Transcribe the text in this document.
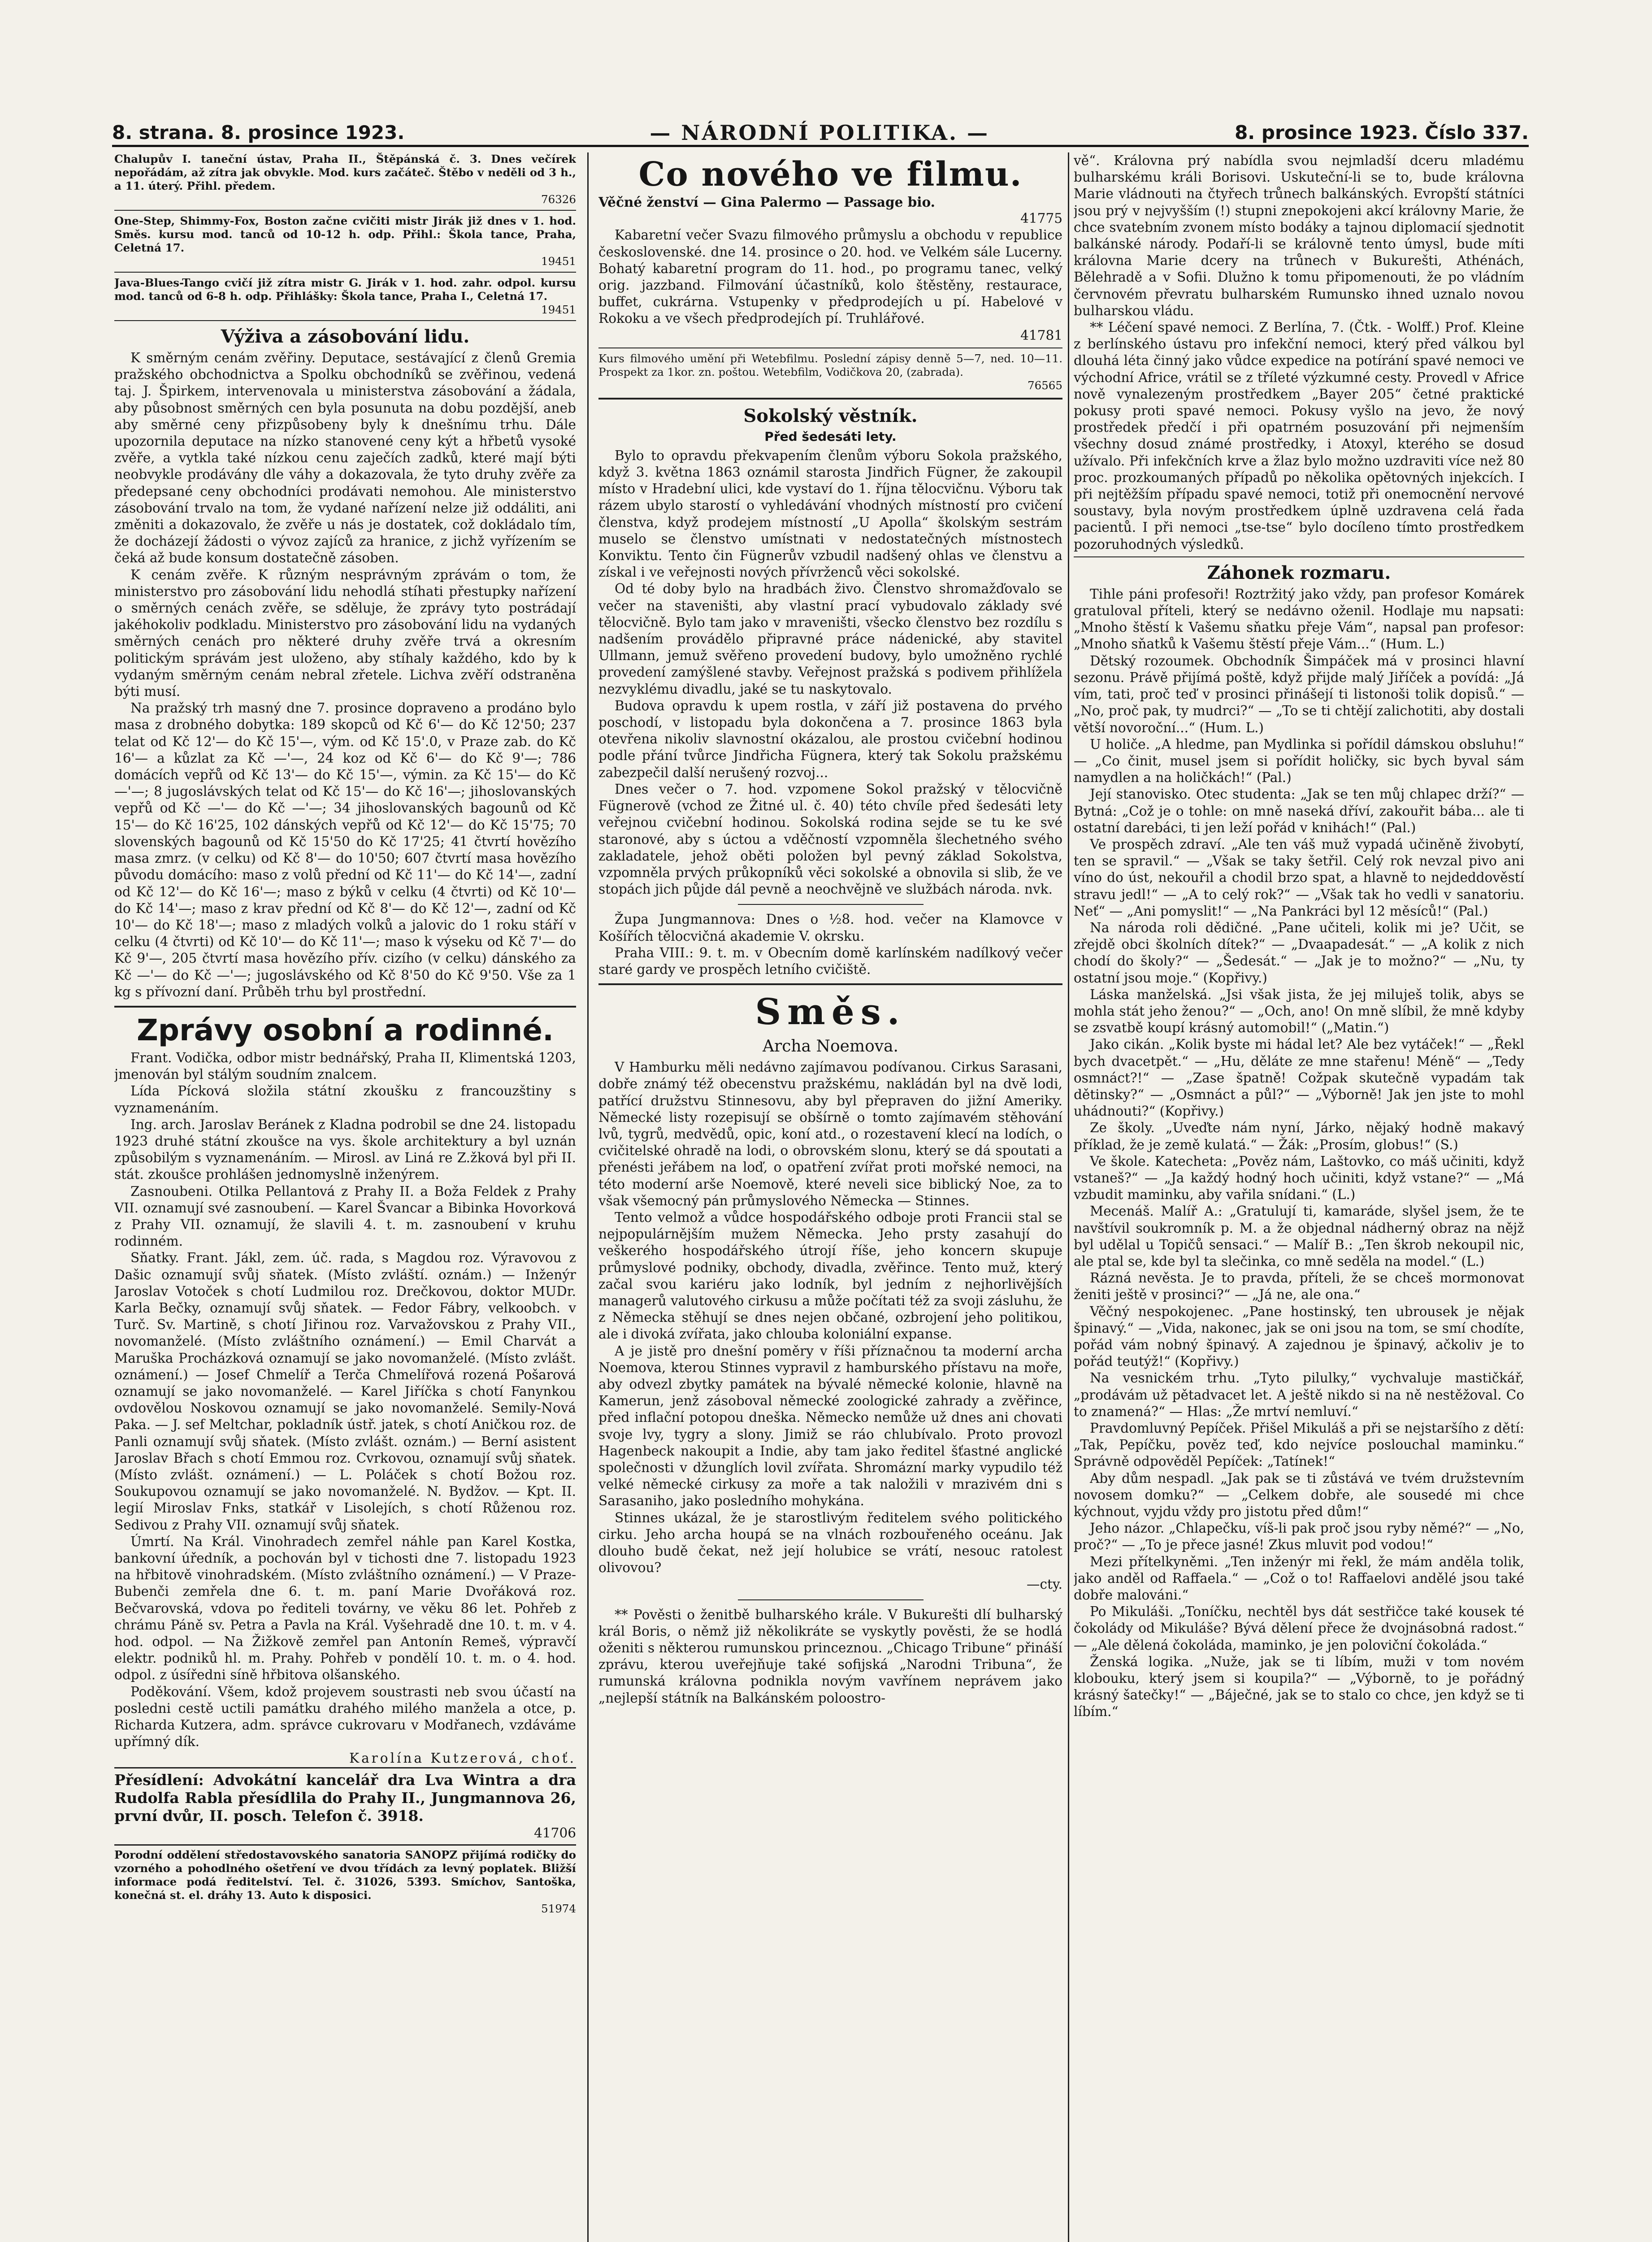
8. strana. 8. prosince 1923.	— NÁRODNÍ POLITIKA. —	8. prosince 1923. Číslo 337.

Chalupův I. taneční ústav, Praha II., Štěpánská č. 3. Dnes večírek nepořádám, až zítra jak obvykle. Mod. kurs začáteč. Štěbo v neděli od 3 h., a 11. úterý. Přihl. předem.

76326

One-Step, Shimmy-Fox, Boston začne cvičiti mistr Jirák již dnes v 1. hod. Směs. kursu mod. tanců od 10-12 h. odp. Přihl.: Škola tance, Praha, Celetná 17.

19451

Java-Blues-Tango cvičí již zítra mistr G. Jirák v 1. hod. zahr. odpol. kursu mod. tanců od 6-8 h. odp. Přihlášky: Škola tance, Praha I., Celetná 17.

19451

Výživa a zásobování lidu.

K směrným cenám zvěřiny. Deputace, sestávající z členů Gremia pražského obchodnictva a Spolku obchodníků se zvěřinou, vedená taj. J. Špirkem, intervenovala u ministerstva zásobování a žádala, aby působnost směrných cen byla posunuta na dobu pozdější, aneb aby směrné ceny přizpůsobeny byly k dnešnímu trhu. Dále upozornila deputace na nízko stanovené ceny kýt a hřbetů vysoké zvěře, a vytkla také nízkou cenu zaječích zadků, které mají býti neobvykle prodávány dle váhy a dokazovala, že tyto druhy zvěře za předepsané ceny obchodníci prodávati nemohou. Ale ministerstvo zásobování trvalo na tom, že vydané nařízení nelze již oddáliti, ani změniti a dokazovalo, že zvěře u nás je dostatek, což dokládalo tím, že docházejí žádosti o vývoz zajíců za hranice, z jichž vyřízením se čeká až bude konsum dostatečně zásoben.

K cenám zvěře. K různým nesprávným zprávám o tom, že ministerstvo pro zásobování lidu nehodlá stíhati přestupky nařízení o směrných cenách zvěře, se sděluje, že zprávy tyto postrádají jakéhokoliv podkladu. Ministerstvo pro zásobování lidu na vydaných směrných cenách pro některé druhy zvěře trvá a okresním politickým správám jest uloženo, aby stíhaly každého, kdo by k vydaným směrným cenám nebral zřetele. Lichva zvěří odstraněna býti musí.

Na pražský trh masný dne 7. prosince dopraveno a prodáno bylo masa z drobného dobytka: 189 skopců od Kč 6'— do Kč 12'50; 237 telat od Kč 12'— do Kč 15'—, vým. od Kč 15'.0, v Praze zab. do Kč 16'— a kůzlat za Kč —'—, 24 koz od Kč 6'— do Kč 9'—; 786 domácích vepřů od Kč 13'— do Kč 15'—, výmin. za Kč 15'— do Kč —'—; 8 jugoslávských telat od Kč 15'— do Kč 16'—; jihoslovanských vepřů od Kč —'— do Kč —'—; 34 jihoslovanských bagounů od Kč 15'— do Kč 16'25, 102 dánských vepřů od Kč 12'— do Kč 15'75; 70 slovenských bagounů od Kč 15'50 do Kč 17'25; 41 čtvrtí hovězího masa zmrz. (v celku) od Kč 8'— do 10'50; 607 čtvrtí masa hovězího původu domácího: maso z volů přední od Kč 11'— do Kč 14'—, zadní od Kč 12'— do Kč 16'—; maso z býků v celku (4 čtvrti) od Kč 10'— do Kč 14'—; maso z krav přední od Kč 8'— do Kč 12'—, zadní od Kč 10'— do Kč 18'—; maso z mladých volků a jalovic do 1 roku stáří v celku (4 čtvrti) od Kč 10'— do Kč 11'—; maso k výseku od Kč 7'— do Kč 9'—, 205 čtvrtí masa hovězího přív. cizího (v celku) dánského za Kč —'— do Kč —'—; jugoslávského od Kč 8'50 do Kč 9'50. Vše za 1 kg s přívozní daní. Průběh trhu byl prostřední.

Zprávy osobní a rodinné.

Frant. Vodička, odbor mistr bednářský, Praha II, Klimentská 1203, jmenován byl stálým soudním znalcem.

Lída Pícková složila státní zkoušku z francouzštiny s vyznamenáním.

Ing. arch. Jaroslav Beránek z Kladna podrobil se dne 24. listopadu 1923 druhé státní zkoušce na vys. škole architektury a byl uznán způsobilým s vyznamenáním. — Mirosl. av Liná re Z.žková byl při II. stát. zkoušce prohlášen jednomyslně inženýrem.

Zasnoubeni. Otilka Pellantová z Prahy II. a Boža Feldek z Prahy VII. oznamují své zasnoubení. — Karel Švancar a Bibinka Hovorková z Prahy VII. oznamují, že slavili 4. t. m. zasnoubení v kruhu rodinném.

Sňatky. Frant. Jákl, zem. úč. rada, s Magdou roz. Výravovou z Dašic oznamují svůj sňatek. (Místo zvláští. oznám.) — Inženýr Jaroslav Votoček s chotí Ludmilou roz. Drečkovou, doktor MUDr. Karla Bečky, oznamují svůj sňatek. — Fedor Fábry, velkoobch. v Turč. Sv. Martině, s chotí Jiřinou roz. Varvažovskou z Prahy VII., novomanželé. (Místo zvláštního oznámení.) — Emil Charvát a Maruška Procházková oznamují se jako novomanželé. (Místo zvlášt. oznámení.) — Josef Chmelíř a Terča Chmelířová rozená Pošarová oznamují se jako novomanželé. — Karel Jiříčka s chotí Fanynkou ovdovělou Noskovou oznamují se jako novomanželé. Semily-Nová Paka. — J. sef Meltchar, pokladník ústř. jatek, s chotí Aničkou roz. de Panli oznamují svůj sňatek. (Místo zvlášt. oznám.) — Berní asistent Jaroslav Břach s chotí Emmou roz. Cvrkovou, oznamují svůj sňatek. (Místo zvlášt. oznámení.) — L. Poláček s chotí Božou roz. Soukupovou oznamují se jako novomanželé. N. Bydžov. — Kpt. II. legií Miroslav Fnks, statkář v Lisolejích, s chotí Růženou roz. Sedivou z Prahy VII. oznamují svůj sňatek.

Úmrtí. Na Král. Vinohradech zemřel náhle pan Karel Kostka, bankovní úředník, a pochován byl v tichosti dne 7. listopadu 1923 na hřbitově vinohradském. (Místo zvláštního oznámení.) — V Praze-Bubenči zemřela dne 6. t. m. paní Marie Dvořáková roz. Bečvarovská, vdova po řediteli továrny, ve věku 86 let. Pohřeb z chrámu Páně sv. Petra a Pavla na Král. Vyšehradě dne 10. t. m. v 4. hod. odpol. — Na Žižkově zemřel pan Antonín Remeš, výpravčí elektr. podniků hl. m. Prahy. Pohřeb v pondělí 10. t. m. o 4. hod. odpol. z úsíředni síně hřbitova olšanského.

Poděkování. Všem, kdož projevem soustrasti neb svou účastí na posledni cestě uctili památku drahého milého manžela a otce, p. Richarda Kutzera, adm. správce cukrovaru v Modřanech, vzdáváme upřímný dík.

Karolína Kutzerová, choť.

Přesídlení: Advokátní kancelář dra Lva Wintra a dra Rudolfa Rabla přesídlila do Prahy II., Jungmannova 26, první dvůr, II. posch. Telefon č. 3918.

41706

Porodní oddělení středostavovského sanatoria SANOPZ přijímá rodičky do vzorného a pohodlného ošetření ve dvou třídách za levný poplatek. Bližší informace podá ředitelství. Tel. č. 31026, 5393. Smíchov, Santoška, konečná st. el. dráhy 13. Auto k disposici.

51974

Co nového ve filmu.

Věčné ženství — Gina Palermo — Passage bio.

41775

Kabaretní večer Svazu filmového průmyslu a obchodu v republice československé. dne 14. prosince o 20. hod. ve Velkém sále Lucerny. Bohatý kabaretní program do 11. hod., po programu tanec, velký orig. jazzband. Filmování účastníků, kolo štěstěny, restaurace, buffet, cukrárna. Vstupenky v předprodejích u pí. Habelové v Rokoku a ve všech předprodejích pí. Truhlářové.

41781

Kurs filmového umění při Wetebfilmu. Poslední zápisy denně 5—7, ned. 10—11. Prospekt za 1kor. zn. poštou. Wetebfilm, Vodičkova 20, (zabrada).

76565

Sokolský věstník.
Před šedesáti lety.

Bylo to opravdu překvapením členům výboru Sokola pražského, když 3. května 1863 oznámil starosta Jindřich Fügner, že zakoupil místo v Hradební ulici, kde vystaví do 1. října tělocvičnu. Výboru tak rázem ubylo starostí o vyhledávání vhodných místností pro cvičení členstva, když prodejem místností „U Apolla“ školským sestrám muselo se členstvo umístnati v nedostatečných místnostech Konviktu. Tento čin Fügnerův vzbudil nadšený ohlas ve členstvu a získal i ve veřejnosti nových přívrženců věci sokolské.

Od té doby bylo na hradbách živo. Členstvo shromažďovalo se večer na staveništi, aby vlastní prací vybudovalo základy své tělocvičně. Bylo tam jako v mraveništi, všecko členstvo bez rozdílu s nadšením provádělo připravné práce nádenické, aby stavitel Ullmann, jemuž svěřeno provedení budovy, bylo umožněno rychlé provedení zamýšlené stavby. Veřejnost pražská s podivem přihlížela nezvyklému divadlu, jaké se tu naskytovalo.

Budova opravdu k upem rostla, v září již postavena do prvého poschodí, v listopadu byla dokončena a 7. prosince 1863 byla otevřena nikoliv slavnostní okázalou, ale prostou cvičební hodinou podle přání tvůrce Jindřicha Fügnera, který tak Sokolu pražskému zabezpečil další nerušený rozvoj...

Dnes večer o 7. hod. vzpomene Sokol pražský v tělocvičně Fügnerově (vchod ze Žitné ul. č. 40) této chvíle před šedesáti lety veřejnou cvičební hodinou. Sokolská rodina sejde se tu ke své staronové, aby s úctou a vděčností vzpomněla šlechetného svého zakladatele, jehož oběti položen byl pevný základ Sokolstva, vzpomněla prvých průkopníků věci sokolské a obnovila si slib, že ve stopách jich půjde dál pevně a neochvějně ve službách národa. nvk.

Župa Jungmannova: Dnes o ½8. hod. večer na Klamovce v Košířích tělocvičná akademie V. okrsku.

Praha VIII.: 9. t. m. v Obecním domě karlínském nadílkový večer staré gardy ve prospěch letního cvičiště.

Směs.
Archa Noemova.

V Hamburku měli nedávno zajímavou podívanou. Cirkus Sarasani, dobře známý též obecenstvu pražskému, nakládán byl na dvě lodi, patřící družstvu Stinnesovu, aby byl přepraven do jižní Ameriky. Německé listy rozepisují se obšírně o tomto zajímavém stěhování lvů, tygrů, medvědů, opic, koní atd., o rozestavení klecí na lodích, o cvičitelské ohradě na lodi, o obrovském slonu, který se dá spoutati a přenésti jeřábem na loď, o opatření zvířat proti mořské nemoci, na této moderní arše Noemově, které neveli sice biblický Noe, za to však všemocný pán průmyslového Německa — Stinnes.

Tento velmož a vůdce hospodářského odboje proti Francii stal se nejpopulárnějším mužem Německa. Jeho prsty zasahují do veškerého hospodářského útrojí říše, jeho koncern skupuje průmyslové podniky, obchody, divadla, zvěřince. Tento muž, který začal svou kariéru jako lodník, byl jedním z nejhorlivějších managerů valutového cirkusu a může počítati též za svoji zásluhu, že z Německa stěhují se dnes nejen občané, ozbrojení jeho politikou, ale i divoká zvířata, jako chlouba koloniální expanse.

A je jistě pro dnešní poměry v říši příznačnou ta moderní archa Noemova, kterou Stinnes vypravil z hamburského přístavu na moře, aby odvezl zbytky památek na bývalé německé kolonie, hlavně na Kamerun, jenž zásoboval německé zoologické zahrady a zvěřince, před inflační potopou dneška. Německo nemůže už dnes ani chovati svoje lvy, tygry a slony. Jimiž se ráo chlubívalo. Proto provozl Hagenbeck nakoupit a Indie, aby tam jako ředitel šťastné anglické společnosti v džunglích lovil zvířata. Shromázní marky vypudilo též velké německé cirkusy za moře a tak naložili v mrazivém dni s Sarasaniho, jako posledního mohykána.

Stinnes ukázal, že je starostlivým ředitelem svého politického cirku. Jeho archa houpá se na vlnách rozbouřeného oceánu. Jak dlouho budě čekat, než její holubice se vrátí, nesouc ratolest olivovou?

—cty.

** Pověsti o ženitbě bulharského krále. V Bukurešti dlí bulharský král Boris, o němž již několikráte se vyskytly pověsti, že se hodlá oženiti s některou rumunskou princeznou. „Chicago Tribune“ přináší zprávu, kterou uveřejňuje také soﬁjská „Narodni Tribuna“, že rumunská královna podnikla novým vavřínem neprávem jako „nejlepší státník na Balkánském poloostro-

vě“. Královna prý nabídla svou nejmladší dceru mladému bulharskému králi Borisovi. Uskuteční-li se to, bude královna Marie vládnouti na čtyřech trůnech balkánských. Evropští státníci jsou prý v nejvyšším (!) stupni znepokojeni akcí královny Marie, že chce svatebním zvonem místo bodáky a tajnou diplomacií sjednotit balkánské národy. Podaří-li se královně tento úmysl, bude míti královna Marie dcery na trůnech v Bukurešti, Athénách, Bělehradě a v Sofii. Dlužno k tomu připomenouti, že po vládním červnovém převratu bulharském Rumunsko ihned uznalo novou bulharskou vládu.

** Léčení spavé nemoci. Z Berlína, 7. (Čtk. - Wolff.) Prof. Kleine z berlínského ústavu pro infekční nemoci, který před válkou byl dlouhá léta činný jako vůdce expedice na potírání spavé nemoci ve východní Africe, vrátil se z tříleté výzkumné cesty. Provedl v Africe nově vynalezeným prostředkem „Bayer 205“ četné praktické pokusy proti spavé nemoci. Pokusy vyšlo na jevo, že nový prostředek předčí i při opatrném posuzování při nejmenším všechny dosud známé prostředky, i Atoxyl, kterého se dosud užívalo. Při infekčních krve a žlaz bylo možno uzdraviti více než 80 proc. prozkoumaných případů po několika opětovných injekcích. I při nejtěžším případu spavé nemoci, totiž při onemocnění nervové soustavy, byla novým prostředkem úplně uzdravena celá řada pacientů. I při nemoci „tse-tse“ bylo docíleno tímto prostředkem pozoruhodných výsledků.

Záhonek rozmaru.

Tihle páni profesoři! Roztržitý jako vždy, pan profesor Komárek gratuloval příteli, který se nedávno oženil. Hodlaje mu napsati: „Mnoho štěstí k Vašemu sňatku přeje Vám“, napsal pan profesor: „Mnoho sňatků k Vašemu štěstí přeje Vám...“ (Hum. L.)

Dětský rozoumek. Obchodník Šimpáček má v prosinci hlavní sezonu. Právě přijímá poště, když přijde malý Jiříček a povídá: „Já vím, tati, proč teď v prosinci přinášejí ti listonoši tolik dopisů.“ — „No, proč pak, ty mudrci?“ — „To se ti chtějí zalichotiti, aby dostali větší novoroční...“ (Hum. L.)

U holiče. „A hledme, pan Mydlinka si pořídil dámskou obsluhu!“ — „Co činit, musel jsem si pořídit holičky, sic bych byval sám namydlen a na holičkách!“ (Pal.)

Její stanovisko. Otec studenta: „Jak se ten můj chlapec drží?“ — Bytná: „Což je o tohle: on mně naseká dříví, zakouřit bába... ale ti ostatní darebáci, ti jen leží pořád v knihách!“ (Pal.)

Ve prospěch zdraví. „Ale ten váš muž vypadá učiněně živobytí, ten se spravil.“ — „Však se taky šetřil. Celý rok nevzal pivo ani víno do úst, nekouřil a chodil brzo spat, a hlavně to nejdeddověstí stravu jedl!“ — „A to celý rok?“ — „Však tak ho vedli v sanatoriu. Neť“ — „Ani pomyslit!“ — „Na Pankráci byl 12 měsíců!“ (Pal.)

Na národa roli dědičné. „Pane učiteli, kolik mi je? Učit, se zřejdě obci školních dítek?“ — „Dvaapadesát.“ — „A kolik z nich chodí do školy?“ — „Šedesát.“ — „Jak je to možno?“ — „Nu, ty ostatní jsou moje.“ (Kopřivy.)

Láska manželská. „Jsi však jista, že jej miluješ tolik, abys se mohla stát jeho ženou?“ — „Och, ano! On mně slíbil, že mně kdyby se zsvatbě koupí krásný automobil!“ („Matin.“)

Jako cikán. „Kolik byste mi hádal let? Ale bez vytáček!“ — „Řekl bych dvacetpět.“ — „Hu, děláte ze mne stařenu! Méně“ — „Tedy osmnáct?!“ — „Zase špatně! Cožpak skutečně vypadám tak dětinsky?“ — „Osmnáct a půl?“ — „Výborně! Jak jen jste to mohl uhádnouti?“ (Kopřivy.)

Ze školy. „Uveďte nám nyní, Járko, nějaký hodně makavý příklad, že je země kulatá.“ — Žák: „Prosím, globus!“ (S.)

Ve škole. Katecheta: „Pověz nám, Laštovko, co máš učiniti, když vstaneš?“ — „Ja každý hodný hoch učiniti, když vstane?“ — „Má vzbudit maminku, aby vařila snídani.“ (L.)

Mecenáš. Malíř A.: „Gratulují ti, kamaráde, slyšel jsem, že te navštívil soukromník p. M. a že objednal nádherný obraz na nějž byl udělal u Topičů sensaci.“ — Malíř B.: „Ten škrob nekoupil nic, ale ptal se, kde byl ta slečinka, co mně seděla na model.“ (L.)

Rázná nevěsta. Je to pravda, příteli, že se chceš mormonovat ženiti ještě v prosinci?“ — „Já ne, ale ona.“

Věčný nespokojenec. „Pane hostinský, ten ubrousek je nějak špinavý.“ — „Vida, nakonec, jak se oni jsou na tom, se smí chodíte, pořád vám nobný špinavý. A zajednou je špinavý, ačkoliv je to pořád teutýž!“ (Kopřivy.)

Na vesnickém trhu. „Tyto pilulky,“ vychvaluje mastičkář, „prodávám už pětadvacet let. A ještě nikdo si na ně nestěžoval. Co to znamená?“ — Hlas: „Že mrtví nemluví.“

Pravdomluvný Pepíček. Přišel Mikuláš a při se nejstaršího z dětí: „Tak, Pepíčku, pověz teď, kdo nejvíce poslouchal maminku.“ Správně odpověděl Pepíček: „Tatínek!“

Aby dům nespadl. „Jak pak se ti zůstává ve tvém družstevním novosem domku?“ — „Celkem dobře, ale sousedé mi chce kýchnout, vyjdu vždy pro jistotu před dům!“

Jeho názor. „Chlapečku, víš-li pak proč jsou ryby němé?“ — „No, proč?“ — „To je přece jasné! Zkus mluvit pod vodou!“

Mezi přítelkyněmi. „Ten inženýr mi řekl, že mám anděla tolik, jako anděl od Raffaela.“ — „Což o to! Raffaelovi andělé jsou také dobře malováni.“

Po Mikuláši. „Toníčku, nechtěl bys dát sestřičce také kousek té čokolády od Mikuláše? Bývá dělení přece že dvojnásobná radost.“ — „Ale dělená čokoláda, maminko, je jen poloviční čokoláda.“

Ženská logika. „Nuže, jak se ti líbím, muži v tom novém klobouku, který jsem si koupila?“ — „Výborně, to je pořádný krásný šatečky!“ — „Báječné, jak se to stalo co chce, jen když se ti líbím.“
